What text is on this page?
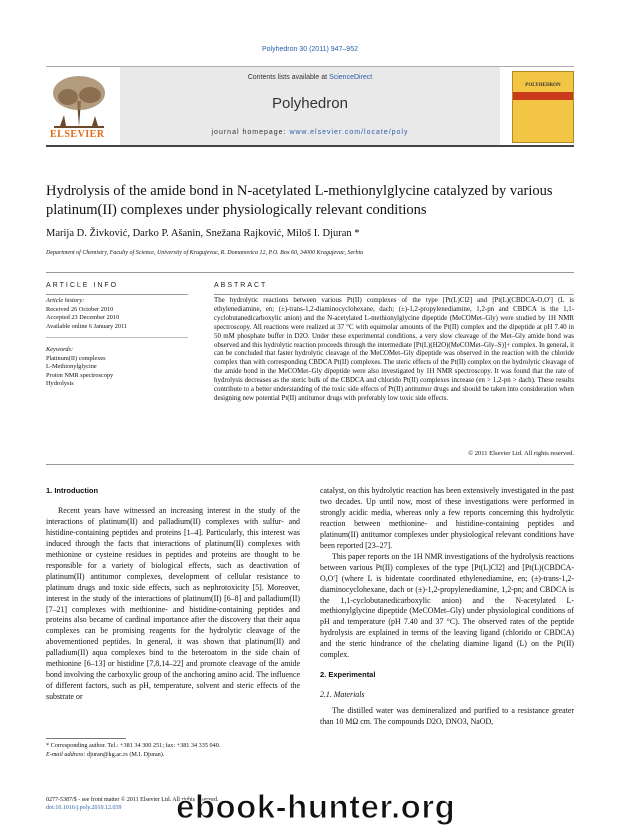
Polyhedron 30 (2011) 947–952
ELSEVIER
Contents lists available at ScienceDirect
Polyhedron
journal homepage: www.elsevier.com/locate/poly
POLYHEDRON
Hydrolysis of the amide bond in N-acetylated L-methionylglycine catalyzed by various platinum(II) complexes under physiologically relevant conditions
Marija D. Živković, Darko P. Ašanin, Snežana Rajković, Miloš I. Djuran *
Department of Chemistry, Faculty of Science, University of Kragujevac, R. Domanovica 12, P.O. Box 60, 34000 Kragujevac, Serbia
ARTICLE INFO	ABSTRACT
Article history:
Received 26 October 2010
Accepted 23 December 2010
Available online 6 January 2011
Keywords:
Platinum(II) complexes
L-Methionylglycine
Proton NMR spectroscopy
Hydrolysis
The hydrolytic reactions between various Pt(II) complexes of the type [Pt(L)Cl2] and [Pt(L)(CBDCA-O,O′] (L is ethylenediamine, en; (±)-trans-1,2-diaminocyclohexane, dach; (±)-1,2-propylenediamine, 1,2-pn and CBDCA is the 1,1-cyclobutanedicarboxylic anion) and the N-acetylated L-methionylglycine dipeptide (MeCOMet–Gly) were studied by 1H NMR spectroscopy. All reactions were realized at 37 °C with equimolar amounts of the Pt(II) complex and the dipeptide at pH 7.40 in 50 mM phosphate buffer in D2O. Under these experimental conditions, a very slow cleavage of the Met–Gly amide bond was observed and this hydrolytic reaction proceeds through the intermediate [Pt(L)(H2O)(MeCOMet–Gly–S)]+ complex. In general, it can be concluded that faster hydrolytic cleavage of the MeCOMet–Gly dipeptide was observed in the reaction with the chloride complex than with corresponding CBDCA Pt(II) complexes. The steric effects of the Pt(II) complex on the hydrolytic cleavage of the amide bond in the MeCOMet–Gly dipeptide were also investigated by 1H NMR spectroscopy. It was found that the rate of hydrolysis decreases as the steric bulk of the CBDCA and chlorido Pt(II) complexes increase (en > 1,2-pn > dach). These results contribute to a better understanding of the toxic side effects of Pt(II) antitumor drugs and should be taken into consideration when designing new potential Pt(II) antitumor drugs with preferably low toxic side effects.
© 2011 Elsevier Ltd. All rights reserved.

1. Introduction

Recent years have witnessed an increasing interest in the study of the interactions of platinum(II) and palladium(II) complexes with sulfur- and histidine-containing peptides and proteins [1–4]. Particularly, this interest was induced through the facts that interactions of platinum(II) complexes with methionine or cysteine residues in peptides and proteins are thought to be responsible for a variety of biological effects, such as deactivation of platinum(II) antitumor complexes, development of cellular resistance to platinum drugs and toxic side effects, such as nephrotoxicity [5]. Moreover, interest in the study of the interactions of platinum(II) [6–8] and palladium(II) [7–21] complexes with methionine- and histidine-containing peptides and proteins also became of cardinal importance after the discovery that their aqua complexes can be promising reagents for the hydrolytic cleavage of the abovementioned peptides. In general, it was shown that platinum(II) and palladium(II) aqua complexes bind to the heteroatom in the side chain of methionine [6–13] or histidine [7,8,14–22] and promote cleavage of the amide bond involving the carboxylic group of the anchoring amino acid. The influence of different factors, such as pH, temperature, solvent and steric effects of the substrate or

catalyst, on this hydrolytic reaction has been extensively investigated in the past two decades. Up until now, most of these investigations were performed in strongly acidic media, whereas only a few reports concerning this hydrolytic reaction between methionine- and histidine-containing peptides and platinum(II) antitumor complexes under physiological relevant conditions have been reported [23–27].

This paper reports on the 1H NMR investigations of the hydrolysis reactions between various Pt(II) complexes of the type [Pt(L)Cl2] and [Pt(L)(CBDCA-O,O′] (where L is bidentate coordinated ethylenediamine, en; (±)-trans-1,2-diaminocyclohexane, dach or (±)-1,2-propylenediamine, 1,2-pn; and CBDCA is the 1,1-cyclobutanedicarboxylic anion) and the N-acetylated L-methionylglycine dipeptide (MeCOMet–Gly) under physiological conditions of pH and temperature (pH 7.40 and 37 °C). The observed rates of the peptide hydrolysis are explained in terms of the leaving ligand (chlorido or CBDCA) and the steric hindrance of the chelating diamine ligand (L) on the Pt(II) complex.

2. Experimental

2.1. Materials

The distilled water was demineralized and purified to a resistance greater than 10 MΩ cm. The compounds D2O, DNO3, NaOD,

* Corresponding author. Tel.: +381 34 300 251; fax: +381 34 335 040.
E-mail address: djuran@kg.ac.rs (M.I. Djuran).
0277-5387/$ - see front matter © 2011 Elsevier Ltd. All rights reserved.
doi:10.1016/j.poly.2010.12.039	ebook-hunter.org
